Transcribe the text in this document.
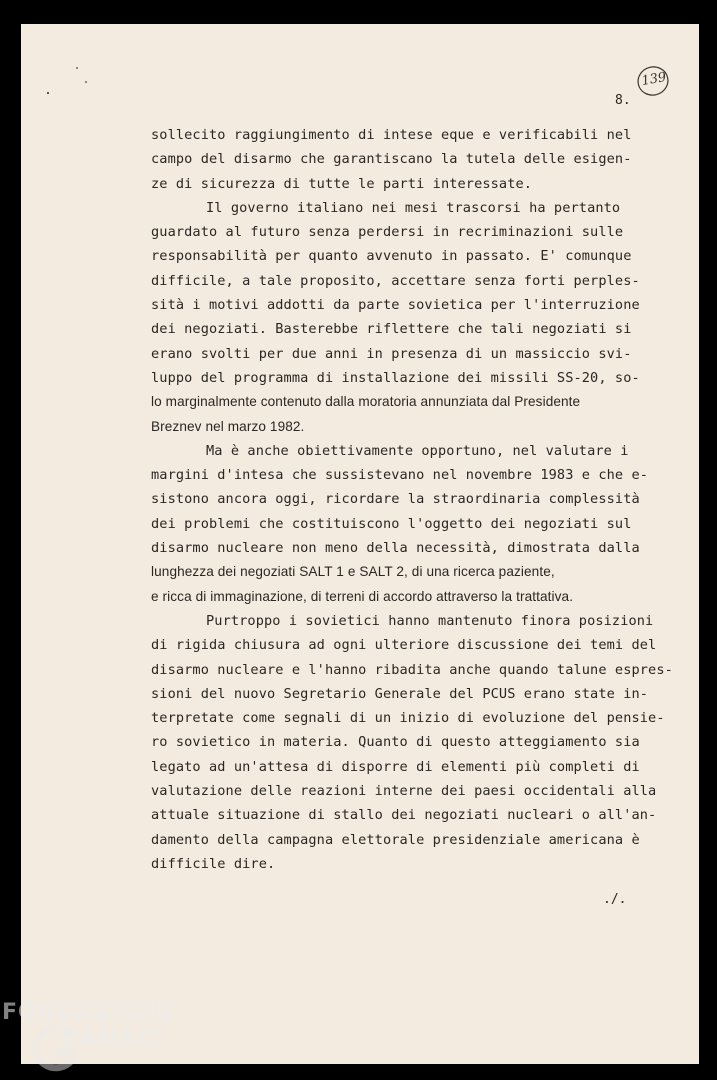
139
8.
sollecito raggiungimento di intese eque e verificabili nel
campo del disarmo che garantiscano la tutela delle esigen-
ze di sicurezza di tutte le parti interessate.
Il governo italiano nei mesi trascorsi ha pertanto
guardato al futuro senza perdersi in recriminazioni sulle
responsabilità per quanto avvenuto in passato. E' comunque
difficile, a tale proposito, accettare senza forti perples-
sità i motivi addotti da parte sovietica per l'interruzione
dei negoziati. Basterebbe riflettere che tali negoziati si
erano svolti per due anni in presenza di un massiccio svi-
luppo del programma di installazione dei missili SS-20, so-
lo marginalmente contenuto dalla moratoria annunziata dal Presidente
Breznev nel marzo 1982.
Ma è anche obiettivamente opportuno, nel valutare i
margini d'intesa che sussistevano nel novembre 1983 e che e-
sistono ancora oggi, ricordare la straordinaria complessità
dei problemi che costituiscono l'oggetto dei negoziati sul
disarmo nucleare non meno della necessità, dimostrata dalla
lunghezza dei negoziati SALT 1 e SALT 2, di una ricerca paziente,
e ricca di immaginazione, di terreni di accordo attraverso la trattativa.
Purtroppo i sovietici hanno mantenuto finora posizioni
di rigida chiusura ad ogni ulteriore discussione dei temi del
disarmo nucleare e l'hanno ribadita anche quando talune espres-
sioni del nuovo Segretario Generale del PCUS erano state in-
terpretate come segnali di un inizio di evoluzione del pensie-
ro sovietico in materia. Quanto di questo atteggiamento sia
legato ad un'attesa di disporre di elementi più completi di
valutazione delle reazioni interne dei paesi occidentali alla
attuale situazione di stallo dei negoziati nucleari o all'an-
damento della campagna elettorale presidenziale americana è
difficile dire.
./.
FONDAZIONE
RAMSCI
